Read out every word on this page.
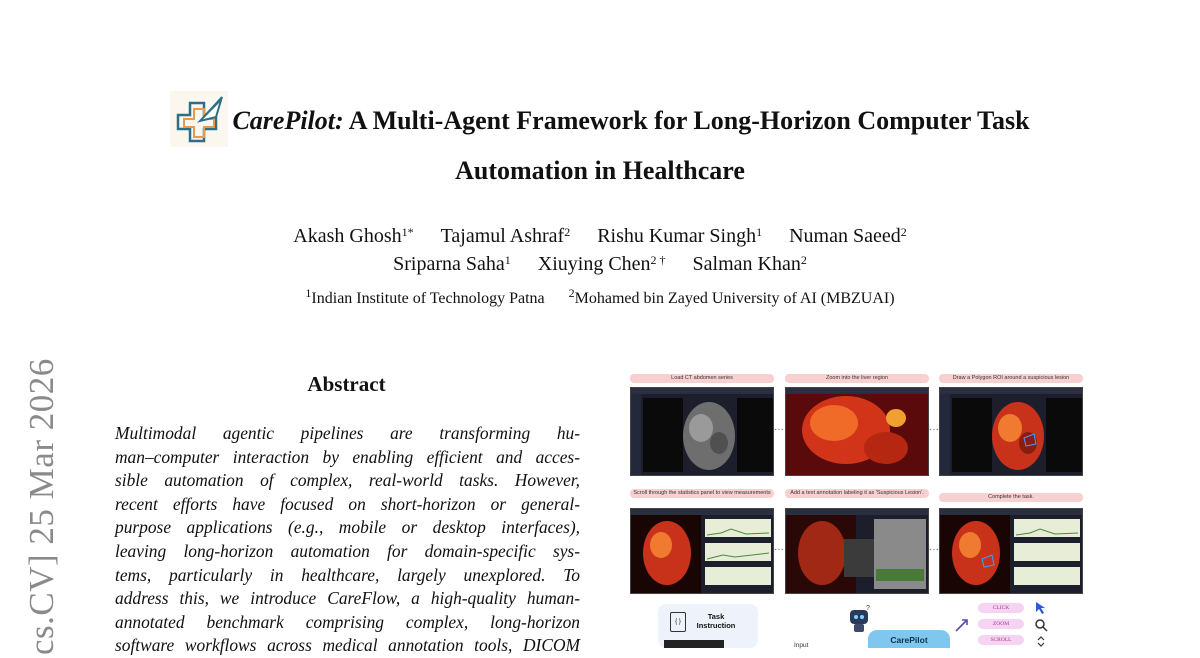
cs.CV] 25 Mar 2026
CarePilot: A Multi-Agent Framework for Long-Horizon Computer Task
Automation in Healthcare
Akash Ghosh$^{1*}$ Tajamul Ashraf$^2$ Rishu Kumar Singh$^1$ Numan Saeed$^2$
Sriparna Saha$^1$ Xiuying Chen$^{2 \dagger}$ Salman Khan$^2$
$^1$Indian Institute of Technology Patna $^2$Mohamed bin Zayed University of AI (MBZUAI)
Abstract
Multimodal agentic pipelines are transforming hu-
man–computer interaction by enabling efficient and acces-
sible automation of complex, real-world tasks. However,
recent efforts have focused on short-horizon or general-
purpose applications (e.g., mobile or desktop interfaces),
leaving long-horizon automation for domain-specific sys-
tems, particularly in healthcare, largely unexplored. To
address this, we introduce CareFlow, a high-quality human-
annotated benchmark comprising complex, long-horizon
software workflows across medical annotation tools, DICOM
Load CT abdomen series
···
Zoom into the liver region
···
Draw a Polygon ROI around a suspicious lesion
Scroll through the statistics panel to view measurements
···
Add a text annotation labeling it as 'Suspicious Lesion'.
···
Complete the task.
{ }
Task Instruction
Input
?
CarePilot
CLICK
ZOOM
SCROLL
